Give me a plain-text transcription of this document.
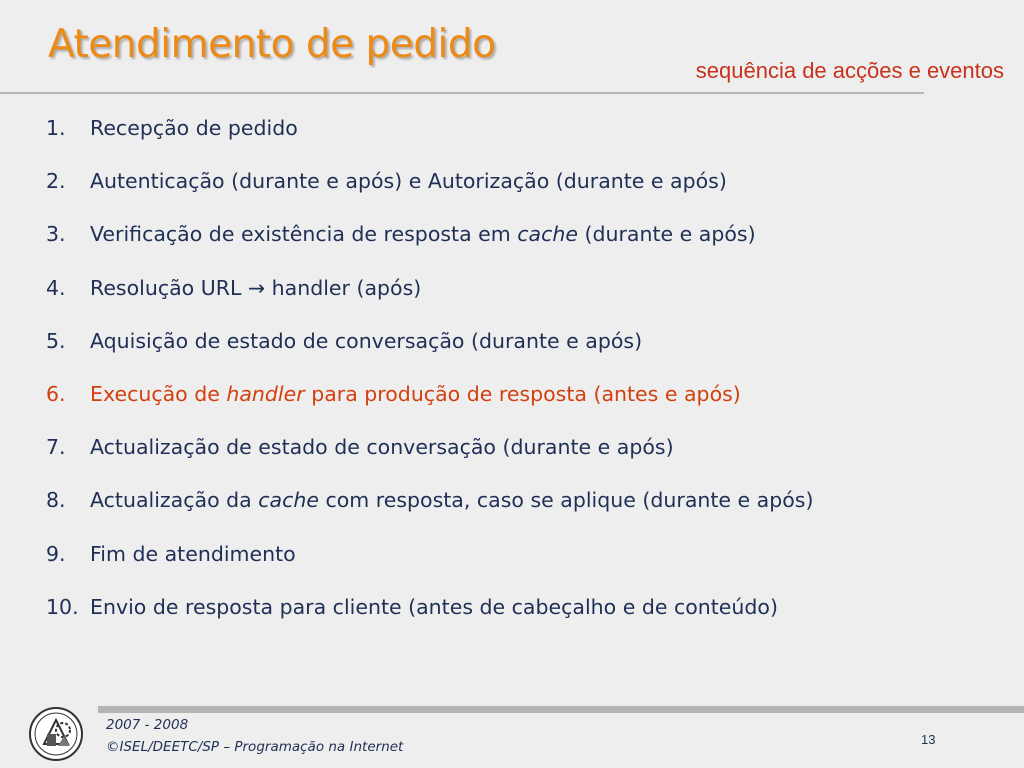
Atendimento de pedido
sequência de acções e eventos
1.	Recepção de pedido
2.	Autenticação (durante e após) e Autorização (durante e após)
3.	Verificação de existência de resposta em cache (durante e após)
4.	Resolução URL → handler (após)
5.	Aquisição de estado de conversação (durante e após)
6.	Execução de handler para produção de resposta (antes e após)
7.	Actualização de estado de conversação (durante e após)
8.	Actualização da cache com resposta, caso se aplique (durante e após)
9.	Fim de atendimento
10. Envio de resposta para cliente (antes de cabeçalho e de conteúdo)
2007 - 2008
©ISEL/DEETC/SP – Programação na Internet	13
